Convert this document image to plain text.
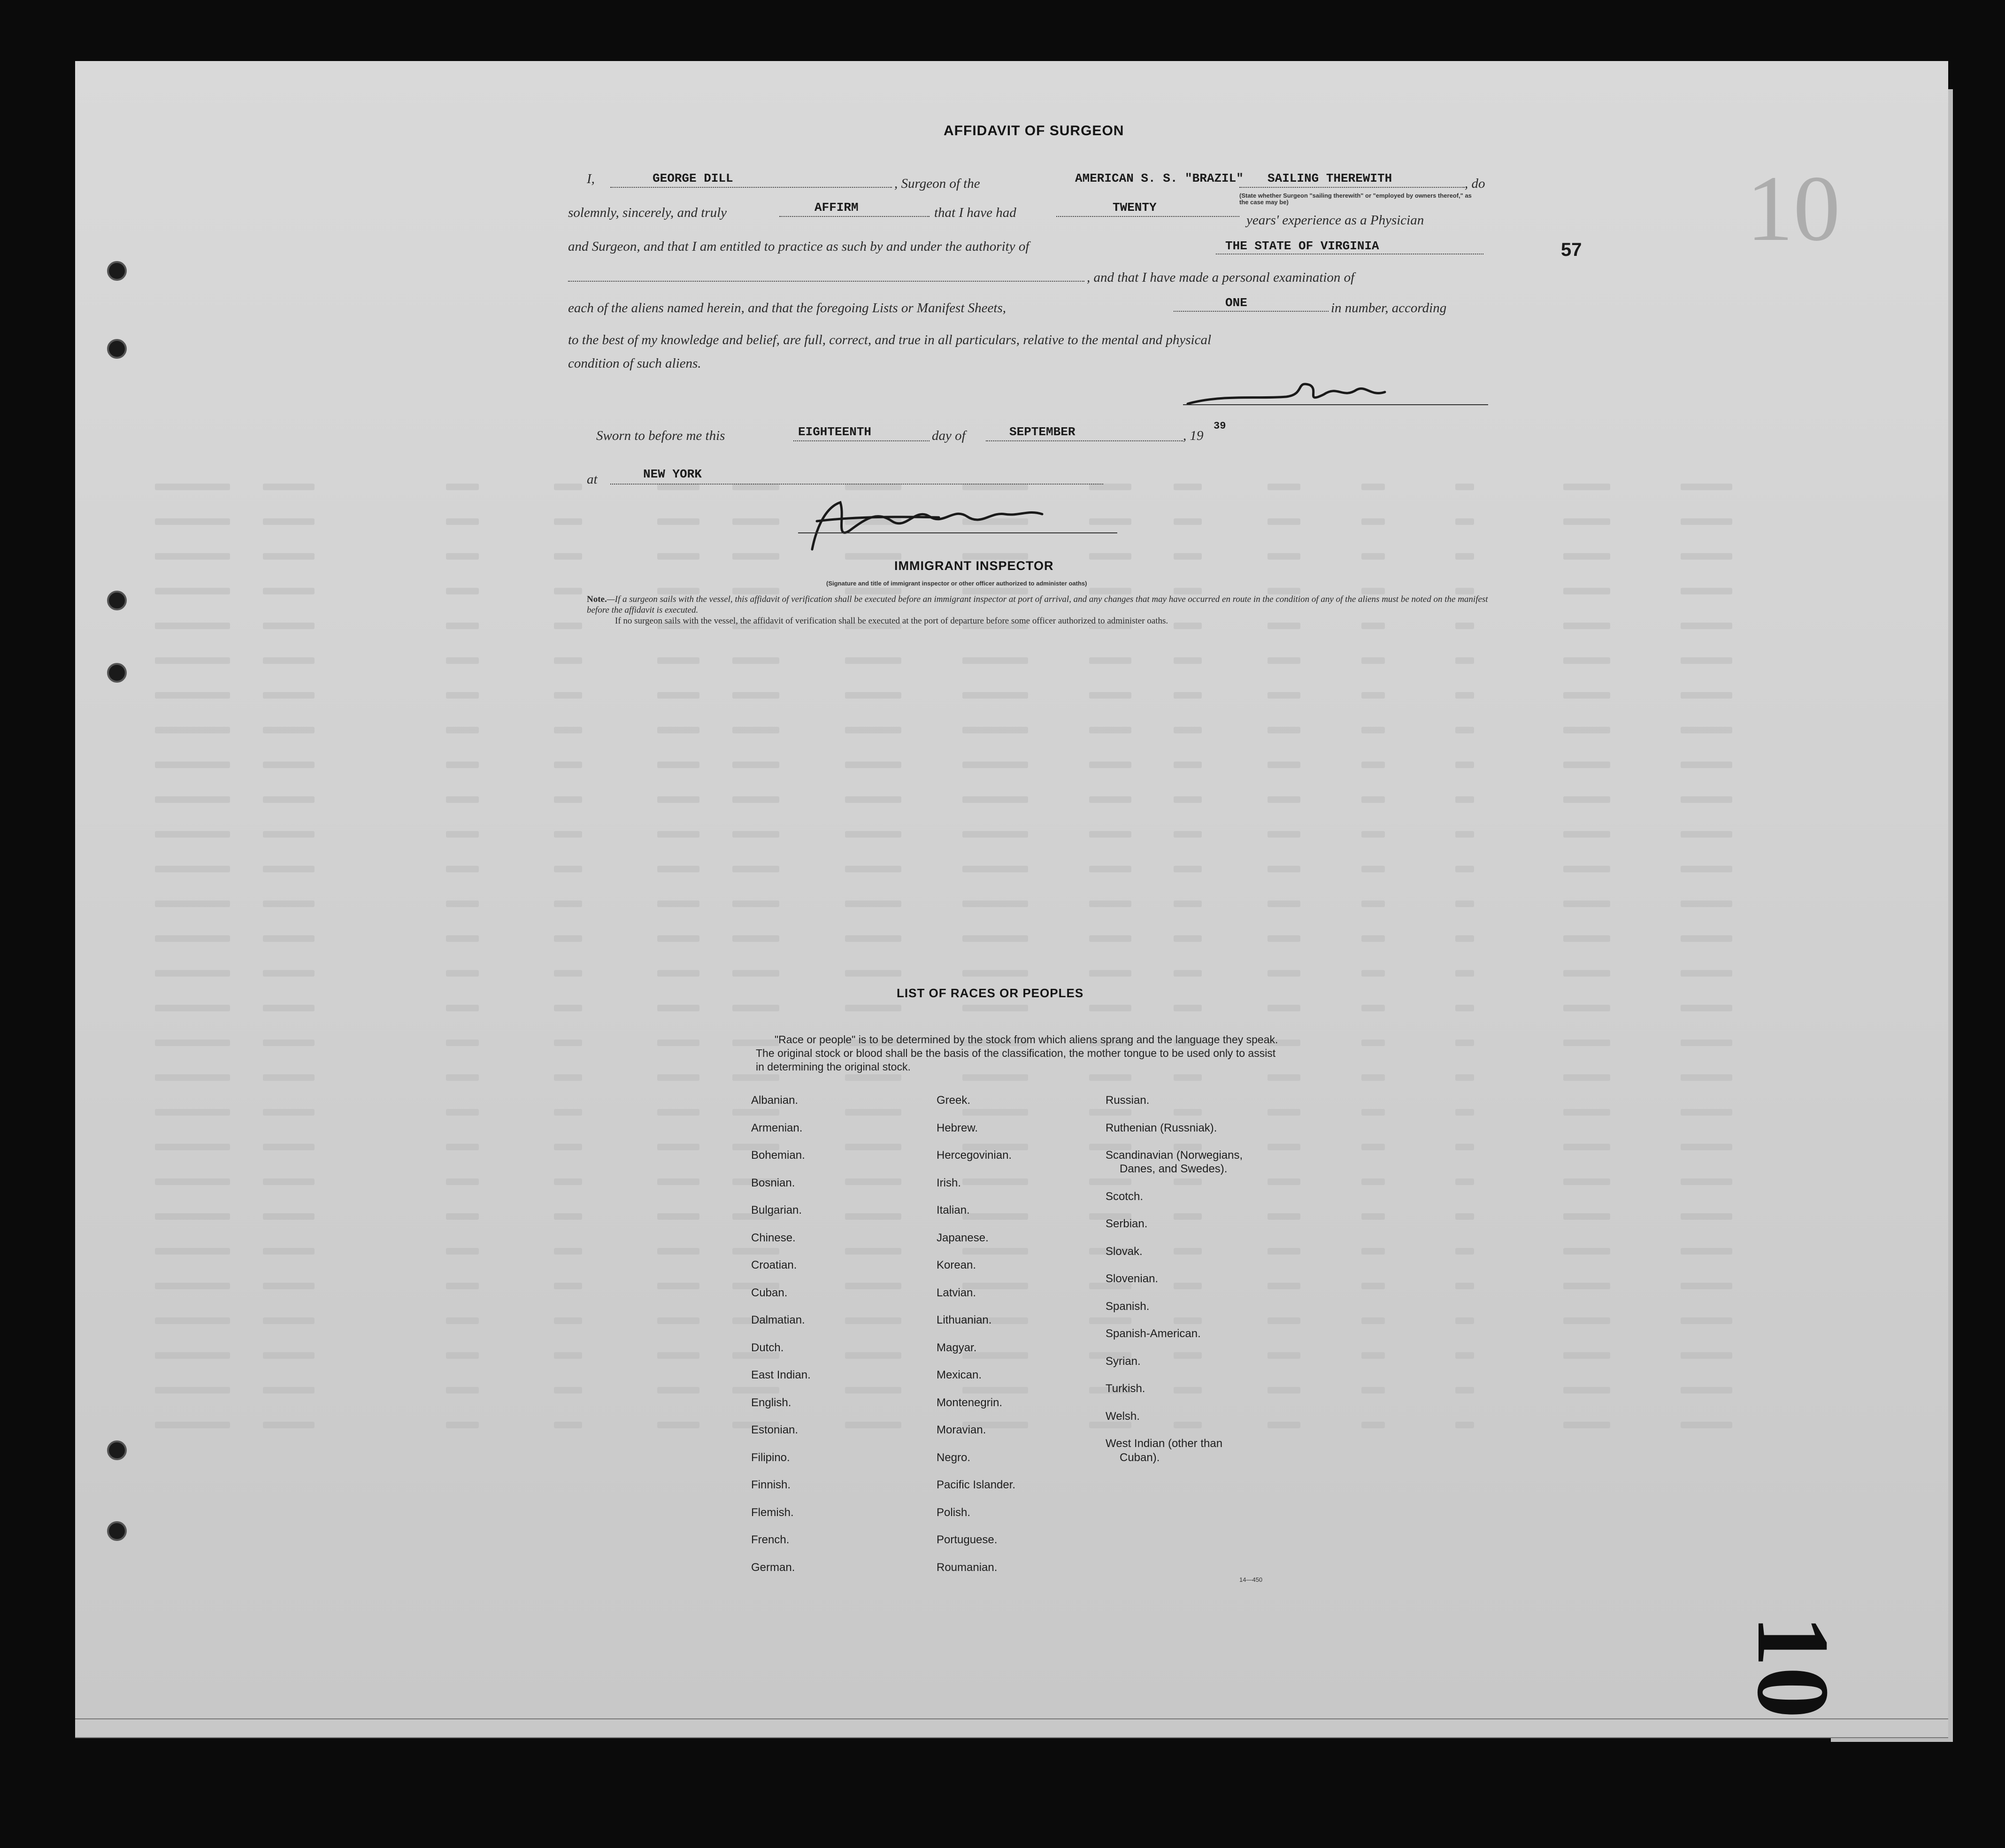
AFFIDAVIT OF SURGEON
I,	GEORGE DILL	, Surgeon of the	AMERICAN S. S. "BRAZIL" SAILING THEREWITH	, do
(State whether Surgeon "sailing therewith" or "employed by owners thereof," as the case may be)
solemnly, sincerely, and truly	AFFIRM	that I have had	TWENTY
years' experience as a Physician
and Surgeon, and that I am entitled to practice as such by and under the authority of	THE STATE OF VIRGINIA
, and that I have made a personal examination of
each of the aliens named herein, and that the foregoing Lists or Manifest Sheets,	ONE	in number, according
to the best of my knowledge and belief, are full, correct, and true in all particulars, relative to the mental and physical
condition of such aliens.
Sworn to before me this	EIGHTEENTH	day of	SEPTEMBER	, 19
39
at	NEW YORK
IMMIGRANT INSPECTOR
(Signature and title of immigrant inspector or other officer authorized to administer oaths)
Note.—If a surgeon sails with the vessel, this affidavit of verification shall be executed before an immigrant inspector at port of arrival, and any changes that may have occurred en route in the condition of any of the aliens must be noted on the manifest before the affidavit is executed.
If no surgeon sails with the vessel, the affidavit of verification shall be executed at the port of departure before some officer authorized to administer oaths.
57 10
10
LIST OF RACES OR PEOPLES
"Race or people" is to be determined by the stock from which aliens sprang and the language they speak. The original stock or blood shall be the basis of the classification, the mother tongue to be used only to assist in determining the original stock.
Albanian.
Armenian.
Bohemian.
Bosnian.
Bulgarian.
Chinese.
Croatian.
Cuban.
Dalmatian.
Dutch.
East Indian.
English.
Estonian.
Filipino.
Finnish.
Flemish.
French.
German.
Greek.
Hebrew.
Hercegovinian.
Irish.
Italian.
Japanese.
Korean.
Latvian.
Lithuanian.
Magyar.
Mexican.
Montenegrin.
Moravian.
Negro.
Pacific Islander.
Polish.
Portuguese.
Roumanian.
Russian.
Ruthenian (Russniak).
Scandinavian (Norwegians,
Danes, and Swedes).
Scotch.
Serbian.
Slovak.
Slovenian.
Spanish.
Spanish-American.
Syrian.
Turkish.
Welsh.
West Indian (other than
Cuban).
14—450
